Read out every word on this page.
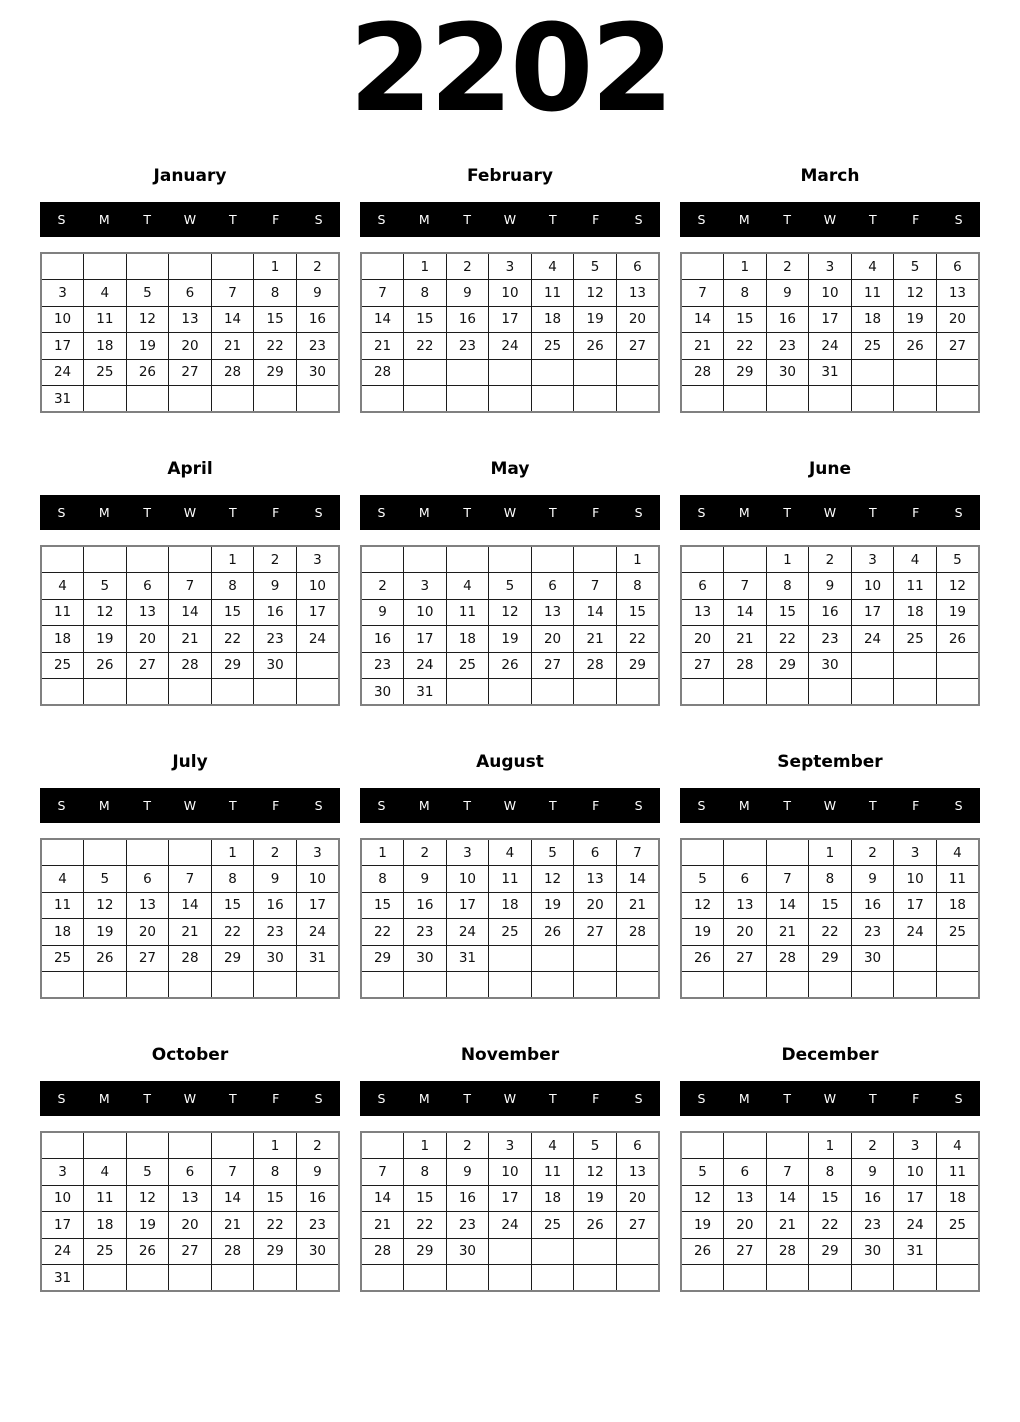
2202
January
S	M	T	W	T	F	S
					1	2
3	4	5	6	7	8	9
10	11	12	13	14	15	16
17	18	19	20	21	22	23
24	25	26	27	28	29	30
31						
February
S	M	T	W	T	F	S
	1	2	3	4	5	6
7	8	9	10	11	12	13
14	15	16	17	18	19	20
21	22	23	24	25	26	27
28						

March
S	M	T	W	T	F	S
	1	2	3	4	5	6
7	8	9	10	11	12	13
14	15	16	17	18	19	20
21	22	23	24	25	26	27
28	29	30	31			

April
S	M	T	W	T	F	S
				1	2	3
4	5	6	7	8	9	10
11	12	13	14	15	16	17
18	19	20	21	22	23	24
25	26	27	28	29	30	

May
S	M	T	W	T	F	S
						1
2	3	4	5	6	7	8
9	10	11	12	13	14	15
16	17	18	19	20	21	22
23	24	25	26	27	28	29
30	31					
June
S	M	T	W	T	F	S
		1	2	3	4	5
6	7	8	9	10	11	12
13	14	15	16	17	18	19
20	21	22	23	24	25	26
27	28	29	30			

July
S	M	T	W	T	F	S
				1	2	3
4	5	6	7	8	9	10
11	12	13	14	15	16	17
18	19	20	21	22	23	24
25	26	27	28	29	30	31

August
S	M	T	W	T	F	S
1	2	3	4	5	6	7
8	9	10	11	12	13	14
15	16	17	18	19	20	21
22	23	24	25	26	27	28
29	30	31				

September
S	M	T	W	T	F	S
			1	2	3	4
5	6	7	8	9	10	11
12	13	14	15	16	17	18
19	20	21	22	23	24	25
26	27	28	29	30		

October
S	M	T	W	T	F	S
					1	2
3	4	5	6	7	8	9
10	11	12	13	14	15	16
17	18	19	20	21	22	23
24	25	26	27	28	29	30
31						
November
S	M	T	W	T	F	S
	1	2	3	4	5	6
7	8	9	10	11	12	13
14	15	16	17	18	19	20
21	22	23	24	25	26	27
28	29	30				

December
S	M	T	W	T	F	S
			1	2	3	4
5	6	7	8	9	10	11
12	13	14	15	16	17	18
19	20	21	22	23	24	25
26	27	28	29	30	31	
